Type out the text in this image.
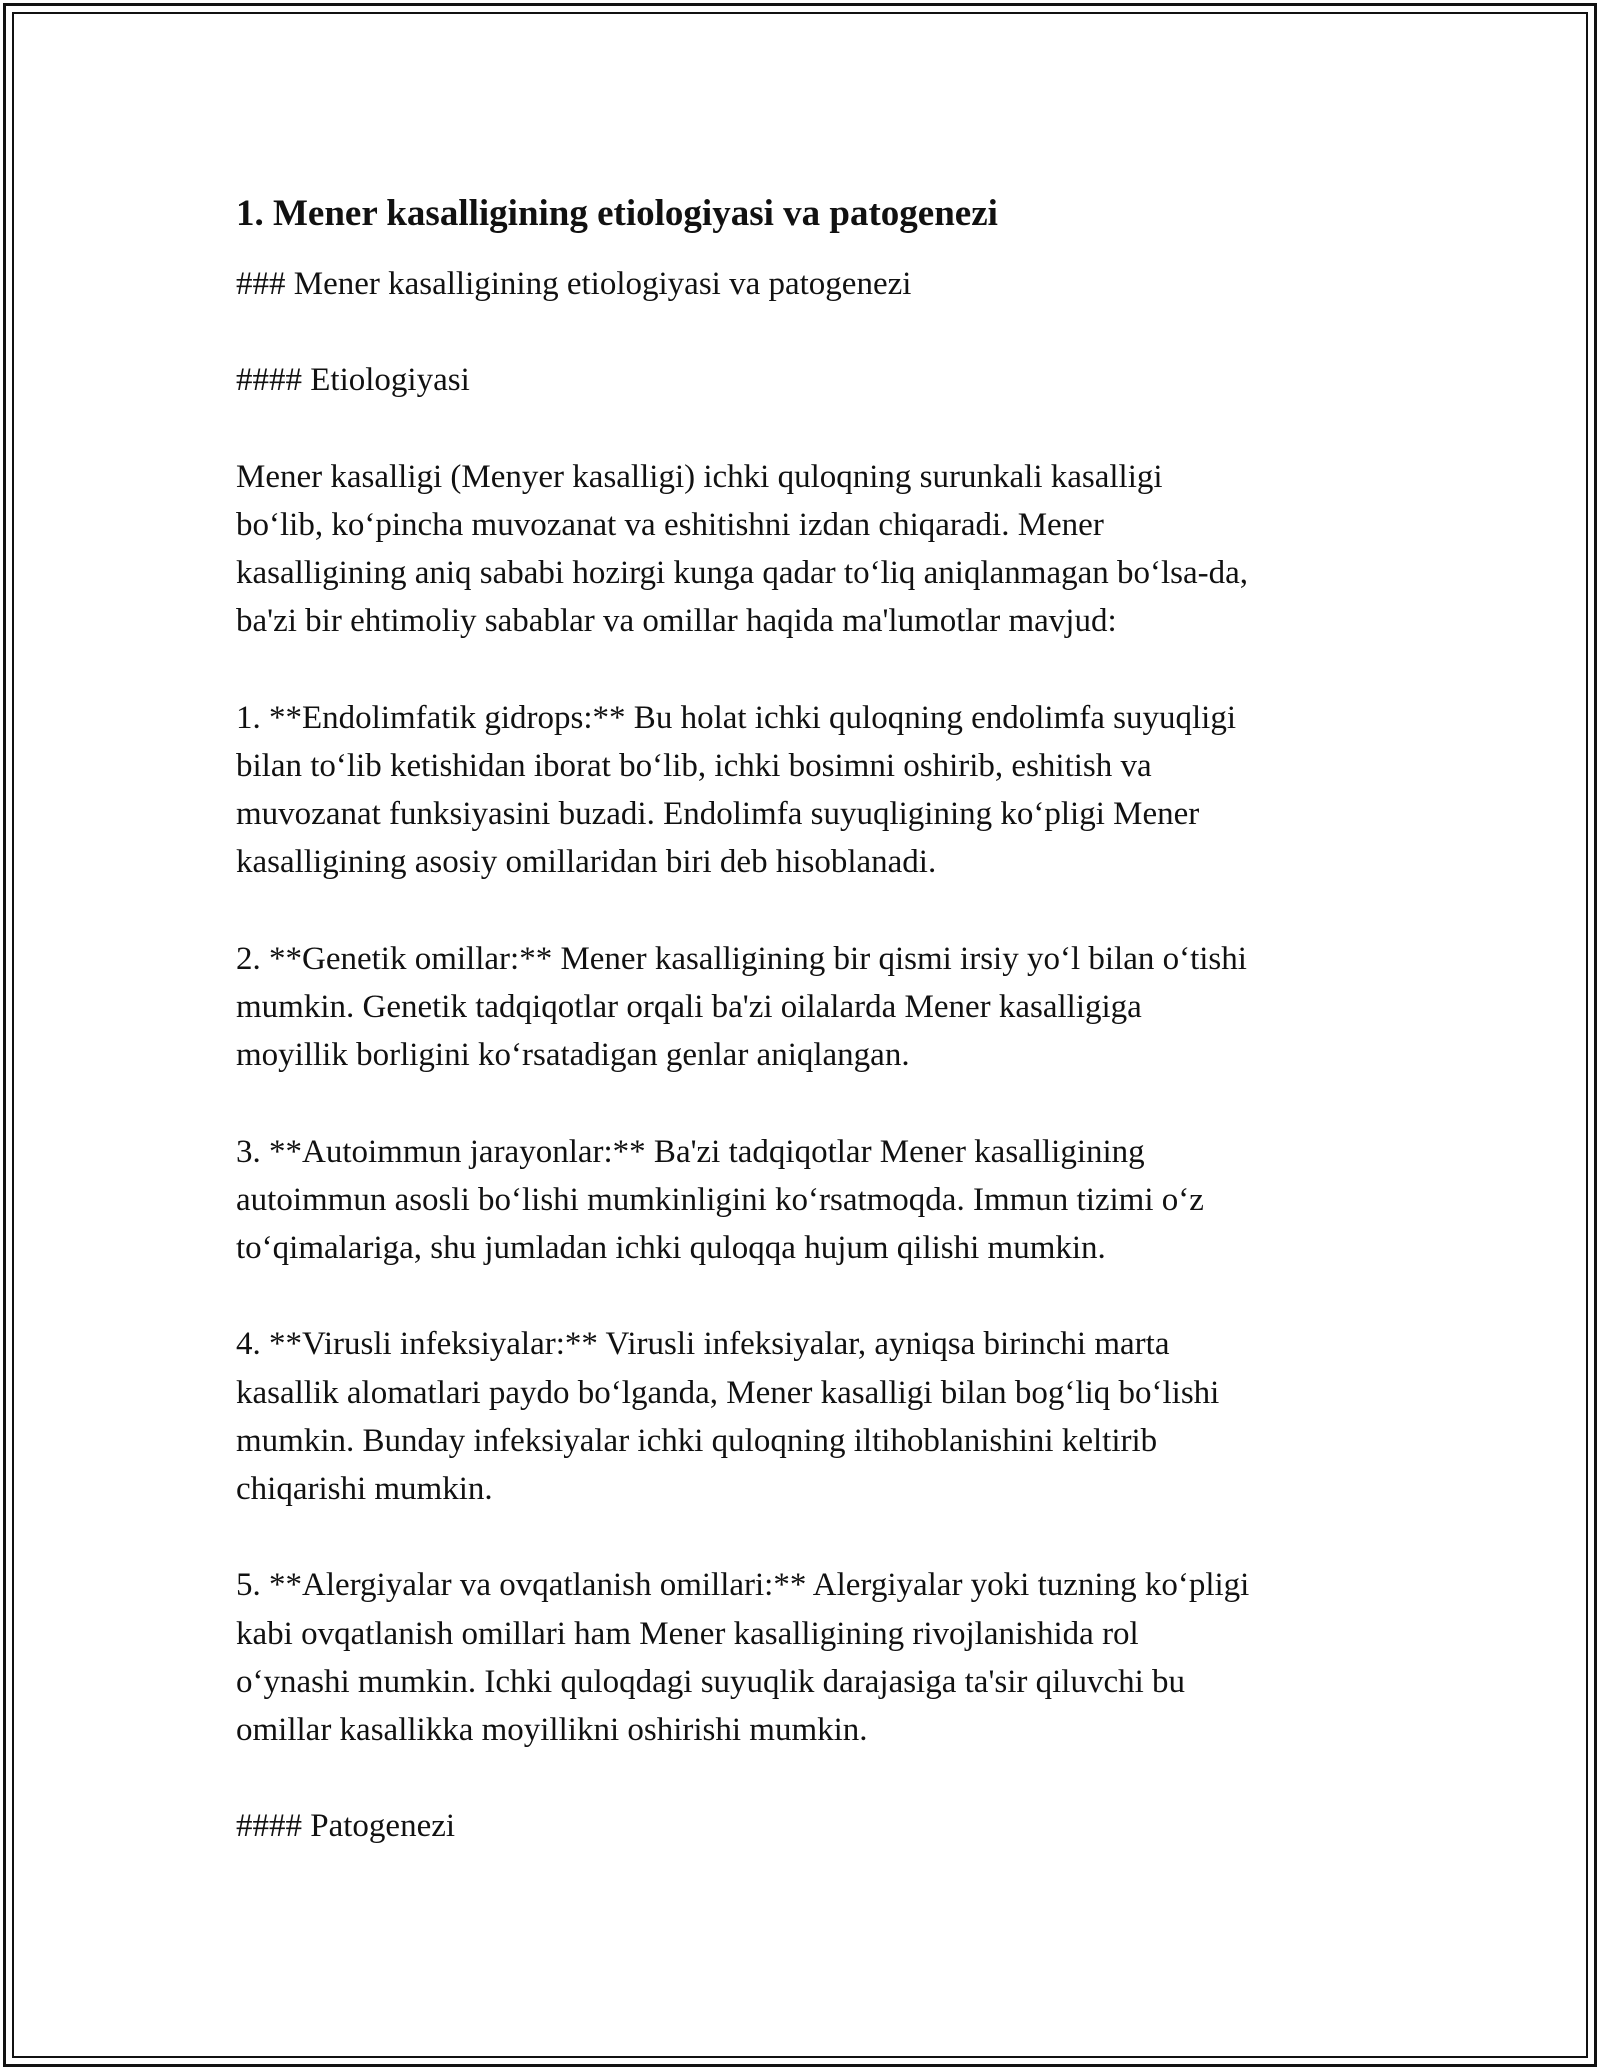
1. Mener kasalligining etiologiyasi va patogenezi

### Mener kasalligining etiologiyasi va patogenezi

#### Etiologiyasi

Mener kasalligi (Menyer kasalligi) ichki quloqning surunkali kasalligi
bo‘lib, ko‘pincha muvozanat va eshitishni izdan chiqaradi. Mener
kasalligining aniq sababi hozirgi kunga qadar to‘liq aniqlanmagan bo‘lsa-da,
ba'zi bir ehtimoliy sabablar va omillar haqida ma'lumotlar mavjud:

1. **Endolimfatik gidrops:** Bu holat ichki quloqning endolimfa suyuqligi
bilan to‘lib ketishidan iborat bo‘lib, ichki bosimni oshirib, eshitish va
muvozanat funksiyasini buzadi. Endolimfa suyuqligining ko‘pligi Mener
kasalligining asosiy omillaridan biri deb hisoblanadi.

2. **Genetik omillar:** Mener kasalligining bir qismi irsiy yo‘l bilan o‘tishi
mumkin. Genetik tadqiqotlar orqali ba'zi oilalarda Mener kasalligiga
moyillik borligini ko‘rsatadigan genlar aniqlangan.

3. **Autoimmun jarayonlar:** Ba'zi tadqiqotlar Mener kasalligining
autoimmun asosli bo‘lishi mumkinligini ko‘rsatmoqda. Immun tizimi o‘z
to‘qimalariga, shu jumladan ichki quloqqa hujum qilishi mumkin.

4. **Virusli infeksiyalar:** Virusli infeksiyalar, ayniqsa birinchi marta
kasallik alomatlari paydo bo‘lganda, Mener kasalligi bilan bog‘liq bo‘lishi
mumkin. Bunday infeksiyalar ichki quloqning iltihoblanishini keltirib
chiqarishi mumkin.

5. **Alergiyalar va ovqatlanish omillari:** Alergiyalar yoki tuzning ko‘pligi
kabi ovqatlanish omillari ham Mener kasalligining rivojlanishida rol
o‘ynashi mumkin. Ichki quloqdagi suyuqlik darajasiga ta'sir qiluvchi bu
omillar kasallikka moyillikni oshirishi mumkin.

#### Patogenezi
